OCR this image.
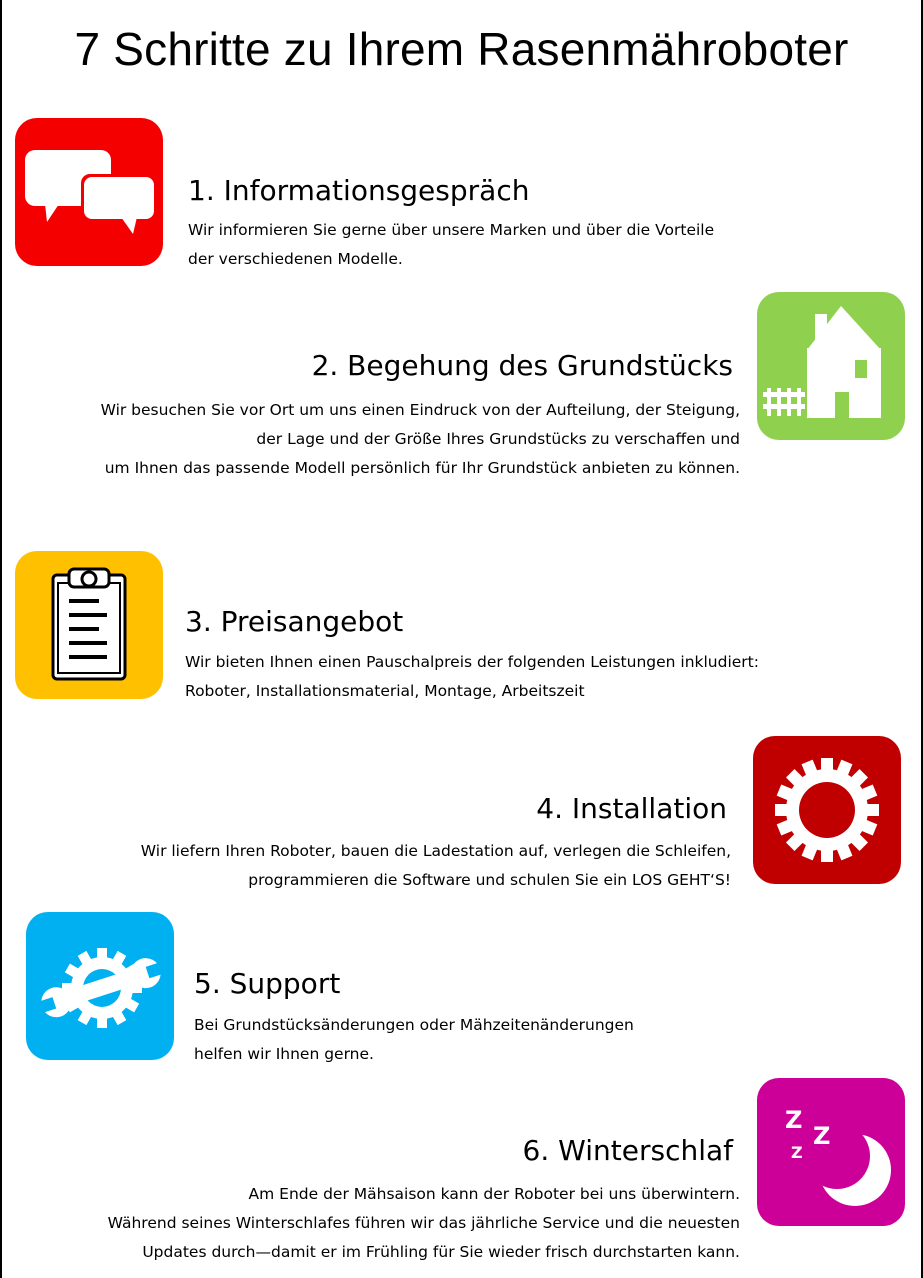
7 Schritte zu Ihrem Rasenmähroboter
1. Informationsgespräch
Wir informieren Sie gerne über unsere Marken und über die Vorteile
der verschiedenen Modelle.
2. Begehung des Grundstücks
Wir besuchen Sie vor Ort um uns einen Eindruck von der Aufteilung, der Steigung,
der Lage und der Größe Ihres Grundstücks zu verschaffen und
um Ihnen das passende Modell persönlich für Ihr Grundstück anbieten zu können.
3. Preisangebot
Wir bieten Ihnen einen Pauschalpreis der folgenden Leistungen inkludiert:
Roboter, Installationsmaterial, Montage, Arbeitszeit
4. Installation
Wir liefern Ihren Roboter, bauen die Ladestation auf, verlegen die Schleifen,
programmieren die Software und schulen Sie ein LOS GEHT‘S!
5. Support
Bei Grundstücksänderungen oder Mähzeitenänderungen
helfen wir Ihnen gerne.
Z
Z
Z
6. Winterschlaf
Am Ende der Mähsaison kann der Roboter bei uns überwintern.
Während seines Winterschlafes führen wir das jährliche Service und die neuesten
Updates durch—damit er im Frühling für Sie wieder frisch durchstarten kann.
